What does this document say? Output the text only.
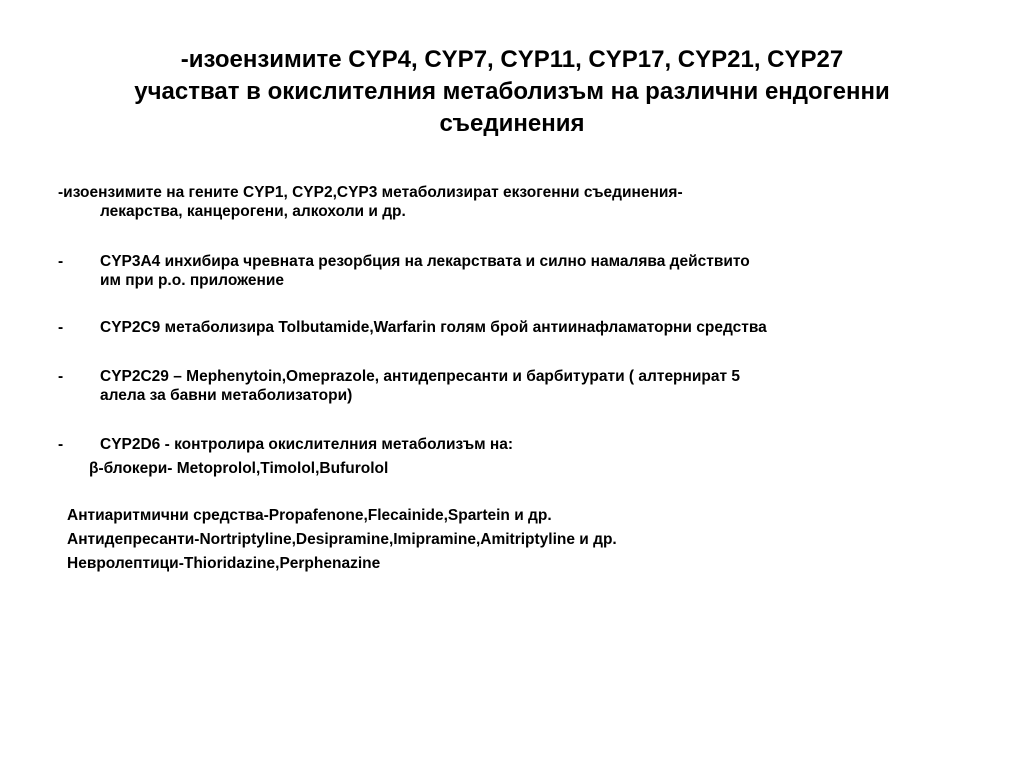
-изоензимите CYP4, CYP7, CYP11, CYP17, CYP21, CYP27
участват в окислителния метаболизъм на различни ендогенни
съединения
-изоензимите на гените CYP1, CYP2,CYP3 метаболизират екзогенни съединения-
лекарства, канцерогени, алкохоли и др.
-	CYP3A4 инхибира чревната резорбция на лекарствата и силно намалява действито
им при p.o. приложение
-	CYP2C9 метаболизира Tolbutamide,Warfarin голям брой антиинафламаторни средства
-	CYP2C29 – Mephenytoin,Omeprazole, антидепресанти и барбитурати ( алтернират 5
алела за бавни метаболизатори)
-	CYP2D6 - контролира окислителния метаболизъм на:
β-блокери- Metoprolol,Timolol,Bufurolol
Антиаритмични средства-Propafenone,Flecainide,Spartein и др.
Антидепресанти-Nortriptyline,Desipramine,Imipramine,Amitriptyline и др.
Невролептици-Thioridazine,Perphenazine
